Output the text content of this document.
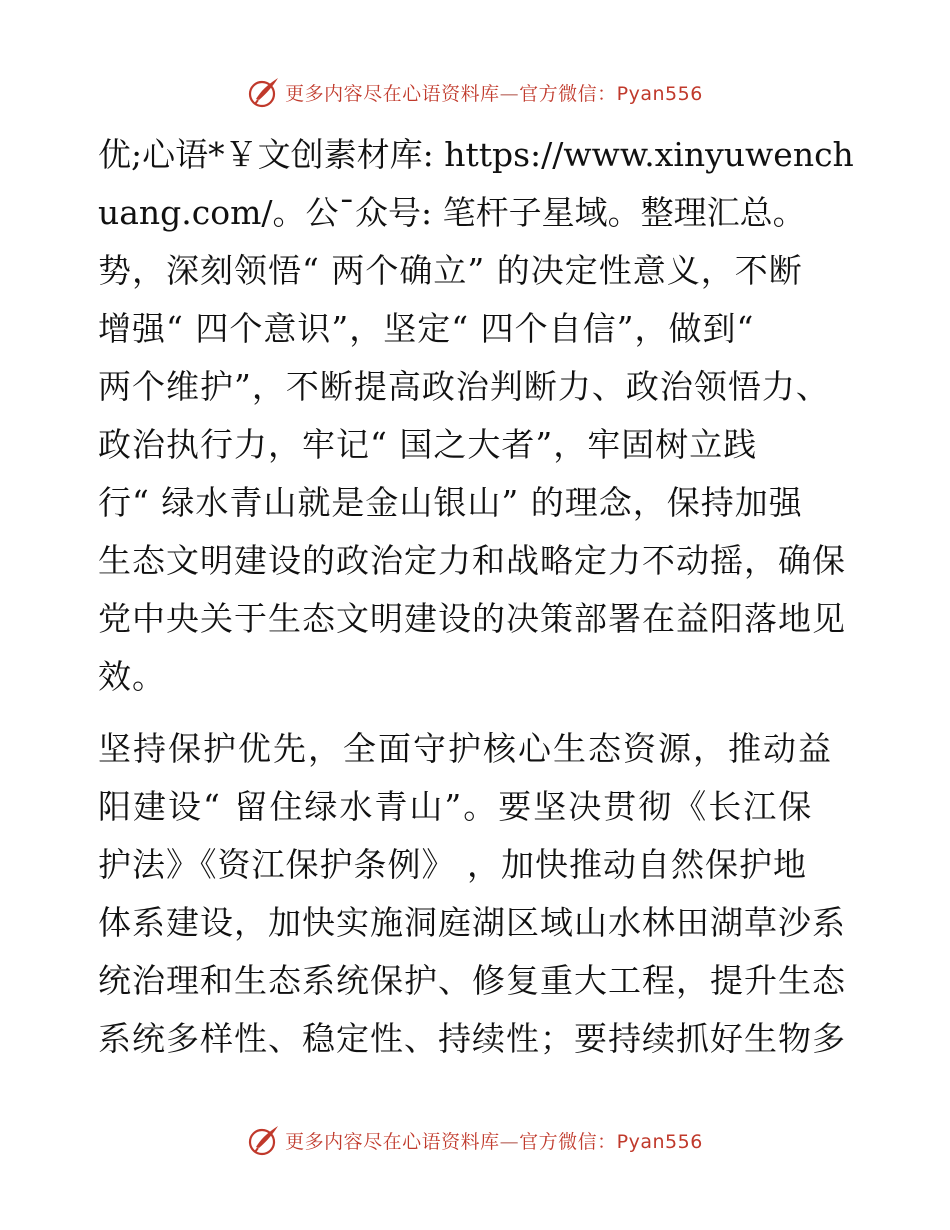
更多内容尽在心语资料库—官方微信：Pyan556
优;心语*￥文创素材库: https://www.xinyuwench
uang.com/。公¯众号: 笔杆子星域。整理汇总。
势，深刻领悟“ 两个确立” 的决定性意义，不断
增强“ 四个意识”，坚定“ 四个自信”，做到“
两个维护”，不断提高政治判断力、政治领悟力、
政治执行力，牢记“ 国之大者”，牢固树立践
行“ 绿水青山就是金山银山” 的理念，保持加强
生态文明建设的政治定力和战略定力不动摇，确保
党中央关于生态文明建设的决策部署在益阳落地见
效。
坚持保护优先，全面守护核心生态资源，推动益
阳建设“ 留住绿水青山”。要坚决贯彻《长江保
护法》《资江保护条例》 ，加快推动自然保护地
体系建设，加快实施洞庭湖区域山水林田湖草沙系
统治理和生态系统保护、修复重大工程，提升生态
系统多样性、稳定性、持续性；要持续抓好生物多
更多内容尽在心语资料库—官方微信：Pyan556
